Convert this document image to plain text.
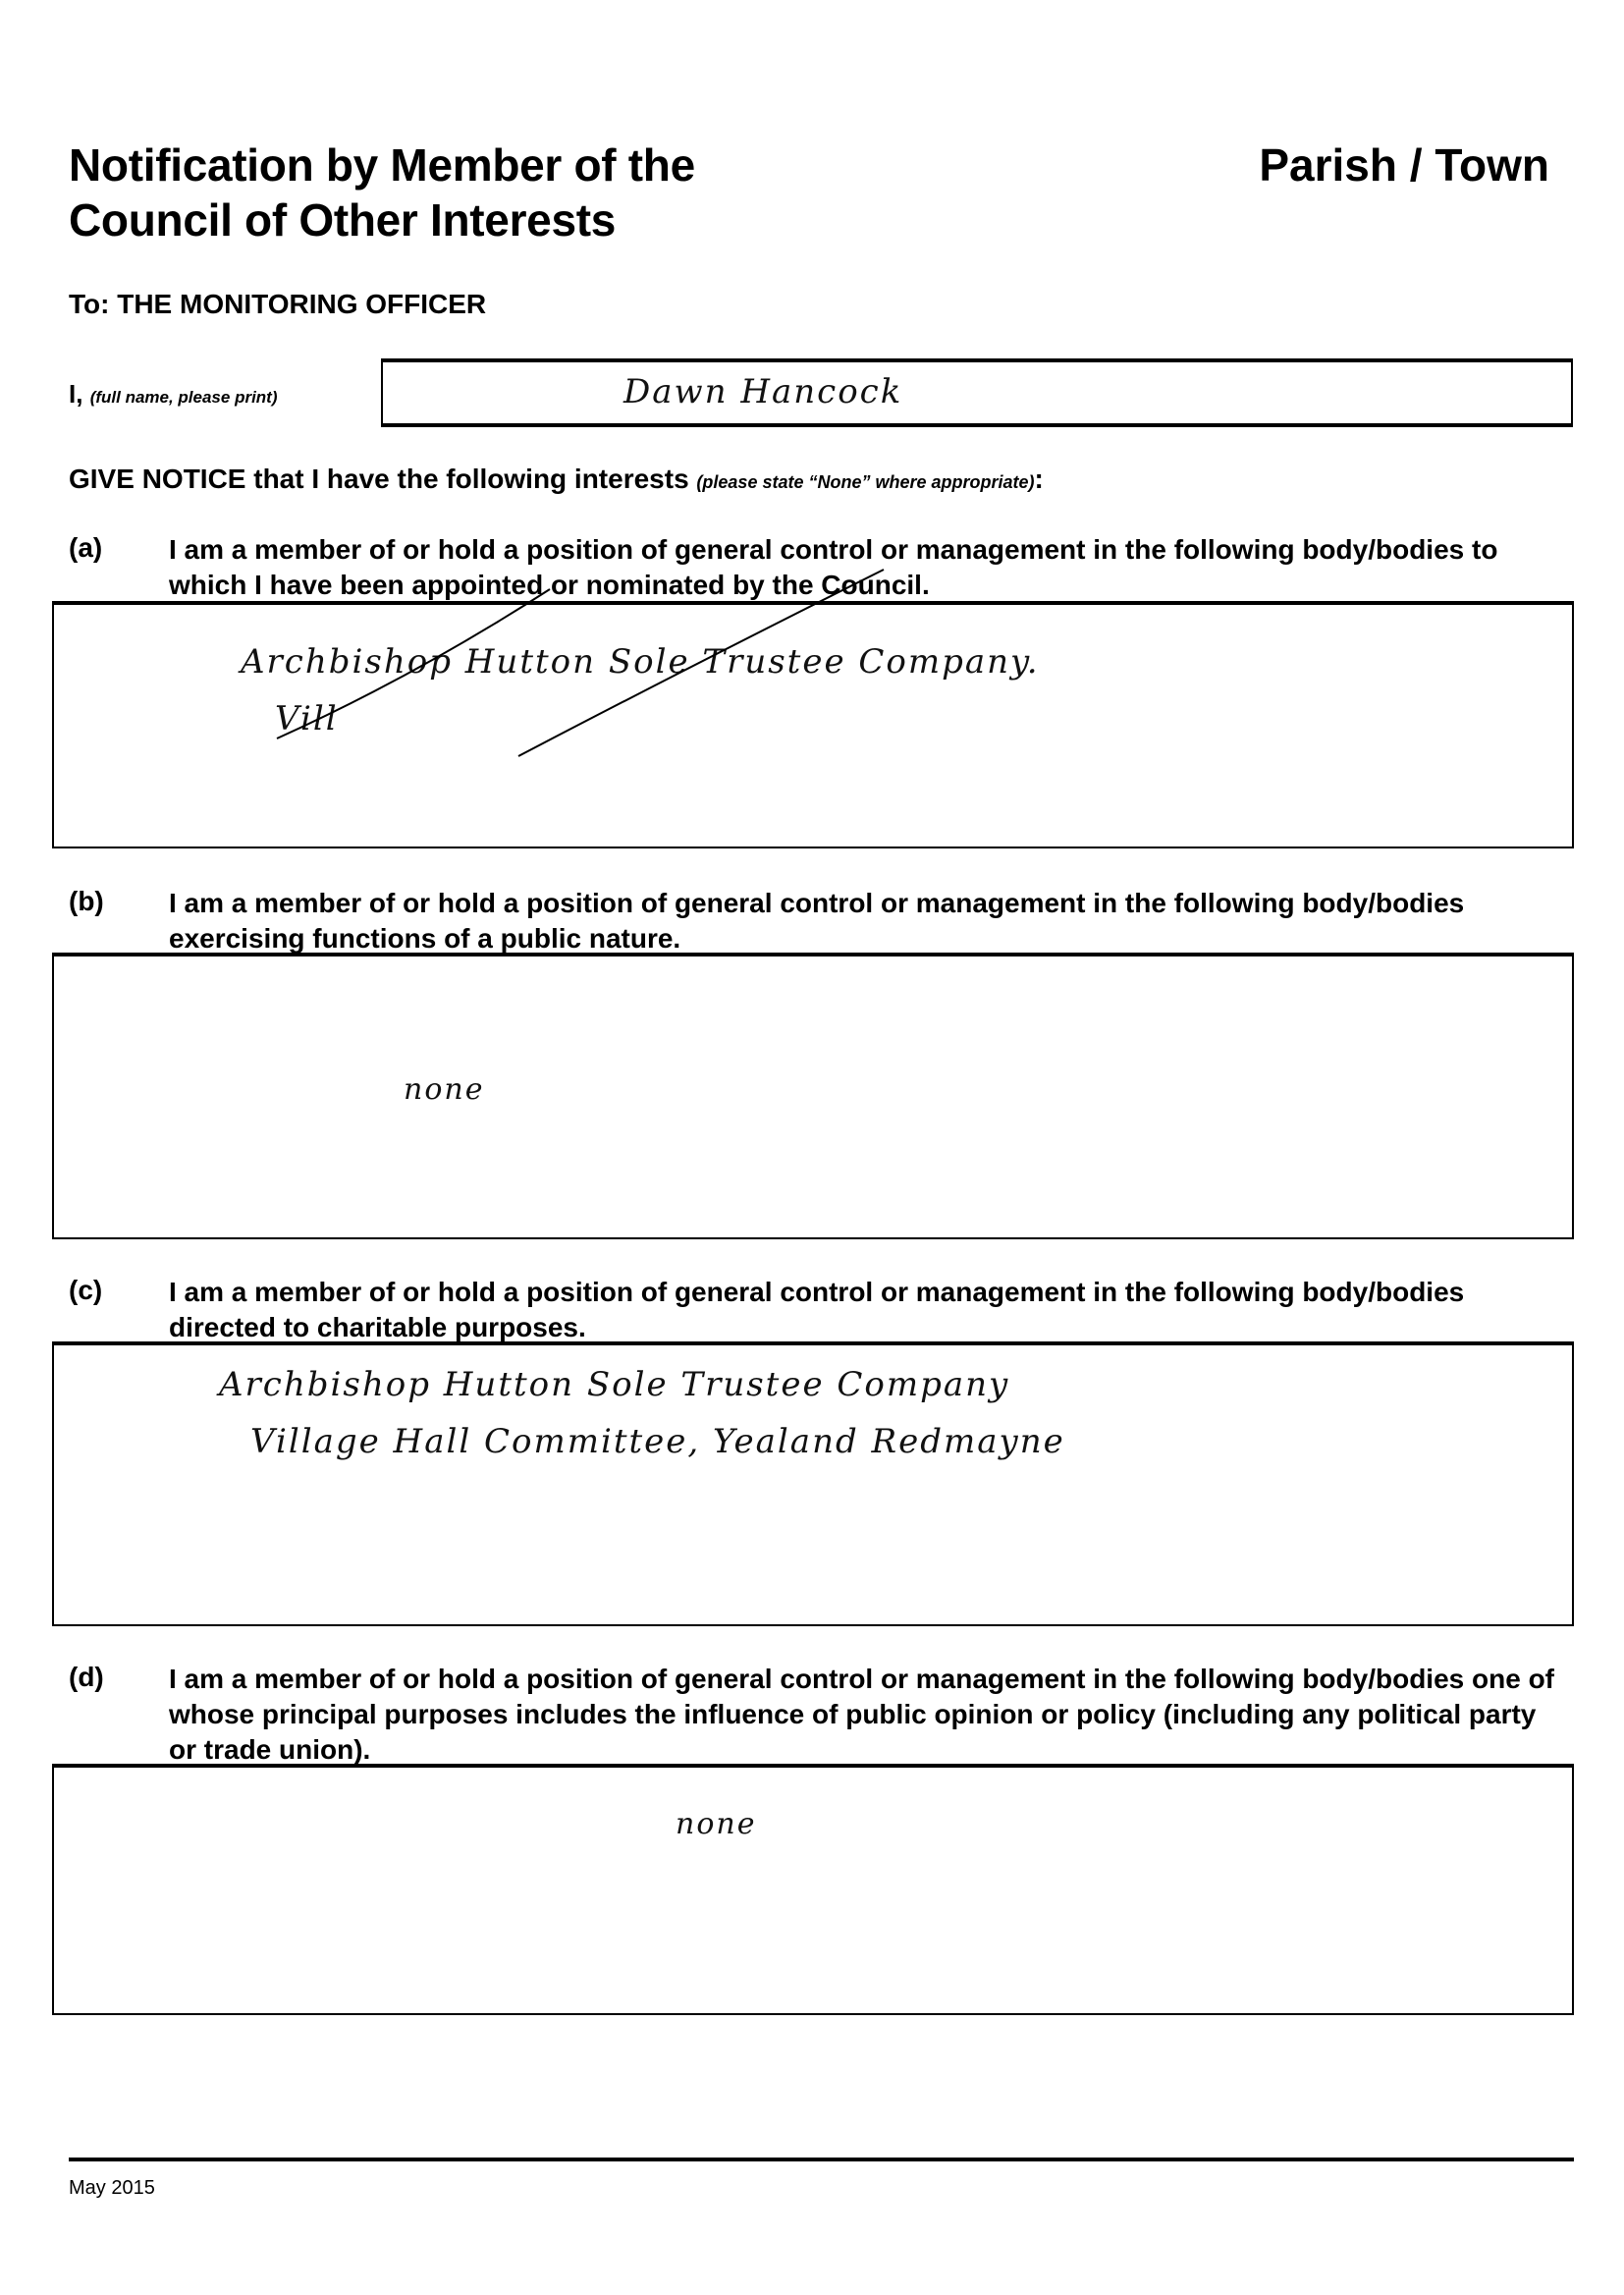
Notification by Member of the
Council of Other Interests
Parish / Town
To: THE MONITORING OFFICER
I, (full name, please print)	Dawn Hancock
GIVE NOTICE that I have the following interests (please state “None” where appropriate):
(a) I am a member of or hold a position of general control or management in the following body/bodies to which I have been appointed or nominated by the Council.
Archbishop Hutton Sole Trustee Company.
Vill
(b) I am a member of or hold a position of general control or management in the following body/bodies exercising functions of a public nature.
none
(c) I am a member of or hold a position of general control or management in the following body/bodies directed to charitable purposes.
Archbishop Hutton Sole Trustee Company
Village Hall Committee, Yealand Redmayne
(d) I am a member of or hold a position of general control or management in the following body/bodies one of whose principal purposes includes the influence of public opinion or policy (including any political party or trade union).
none
May 2015
